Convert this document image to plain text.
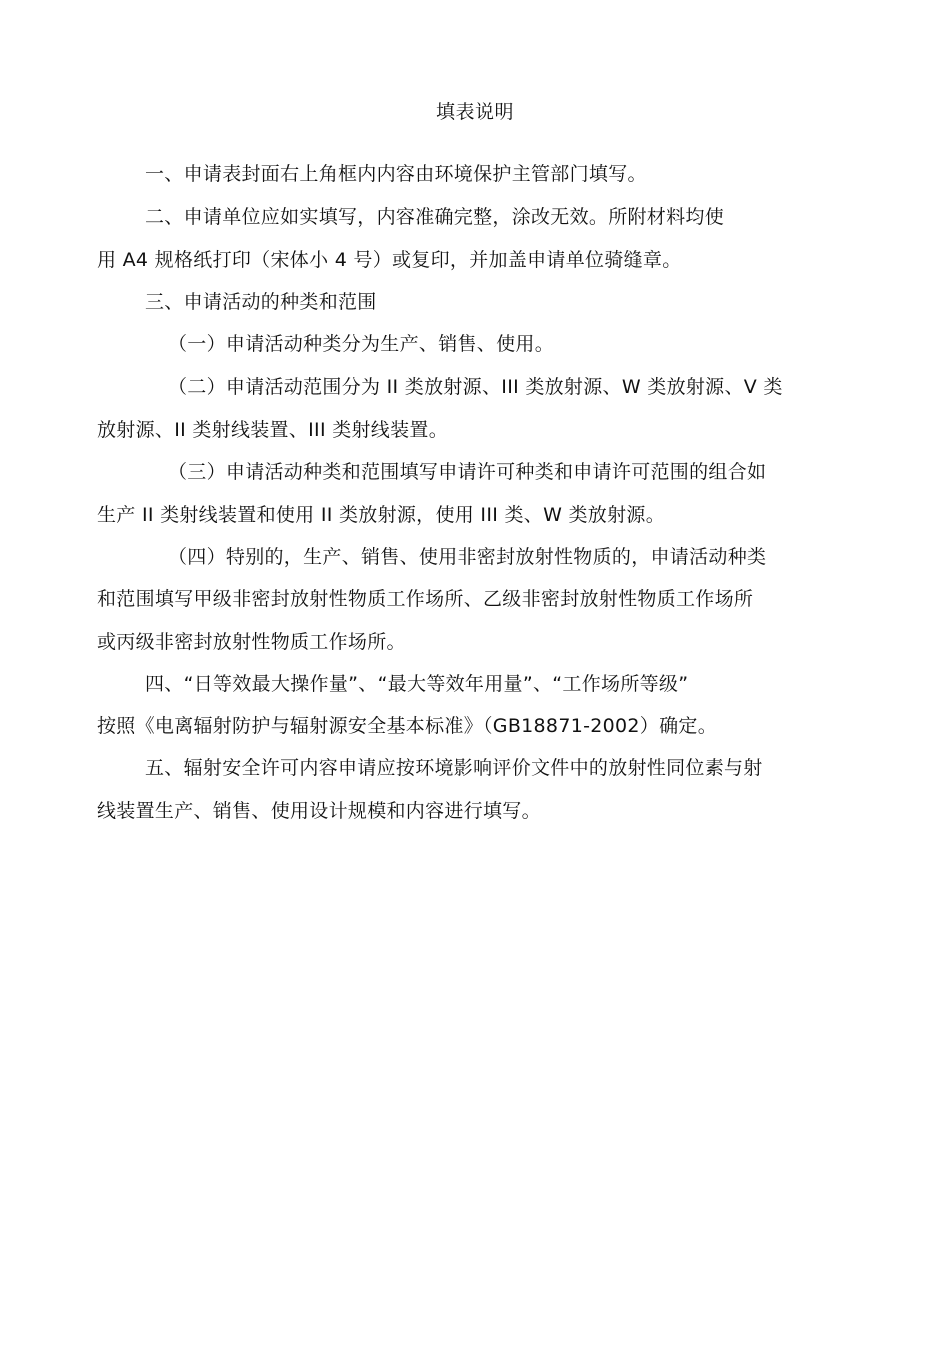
填表说明
一、申请表封面右上角框内内容由环境保护主管部门填写。
二、申请单位应如实填写，内容准确完整，涂改无效。所附材料均使
用 A4 规格纸打印（宋体小 4 号）或复印，并加盖申请单位骑缝章。
三、申请活动的种类和范围
（一）申请活动种类分为生产、销售、使用。
（二）申请活动范围分为 II 类放射源、III 类放射源、W 类放射源、V 类
放射源、II 类射线装置、III 类射线装置。
（三）申请活动种类和范围填写申请许可种类和申请许可范围的组合如
生产 II 类射线装置和使用 II 类放射源，使用 III 类、W 类放射源。
（四）特别的，生产、销售、使用非密封放射性物质的，申请活动种类
和范围填写甲级非密封放射性物质工作场所、乙级非密封放射性物质工作场所
或丙级非密封放射性物质工作场所。
四、“日等效最大操作量”、“最大等效年用量”、“工作场所等级”
按照《电离辐射防护与辐射源安全基本标准》（GB18871-2002）确定。
五、辐射安全许可内容申请应按环境影响评价文件中的放射性同位素与射
线装置生产、销售、使用设计规模和内容进行填写。
